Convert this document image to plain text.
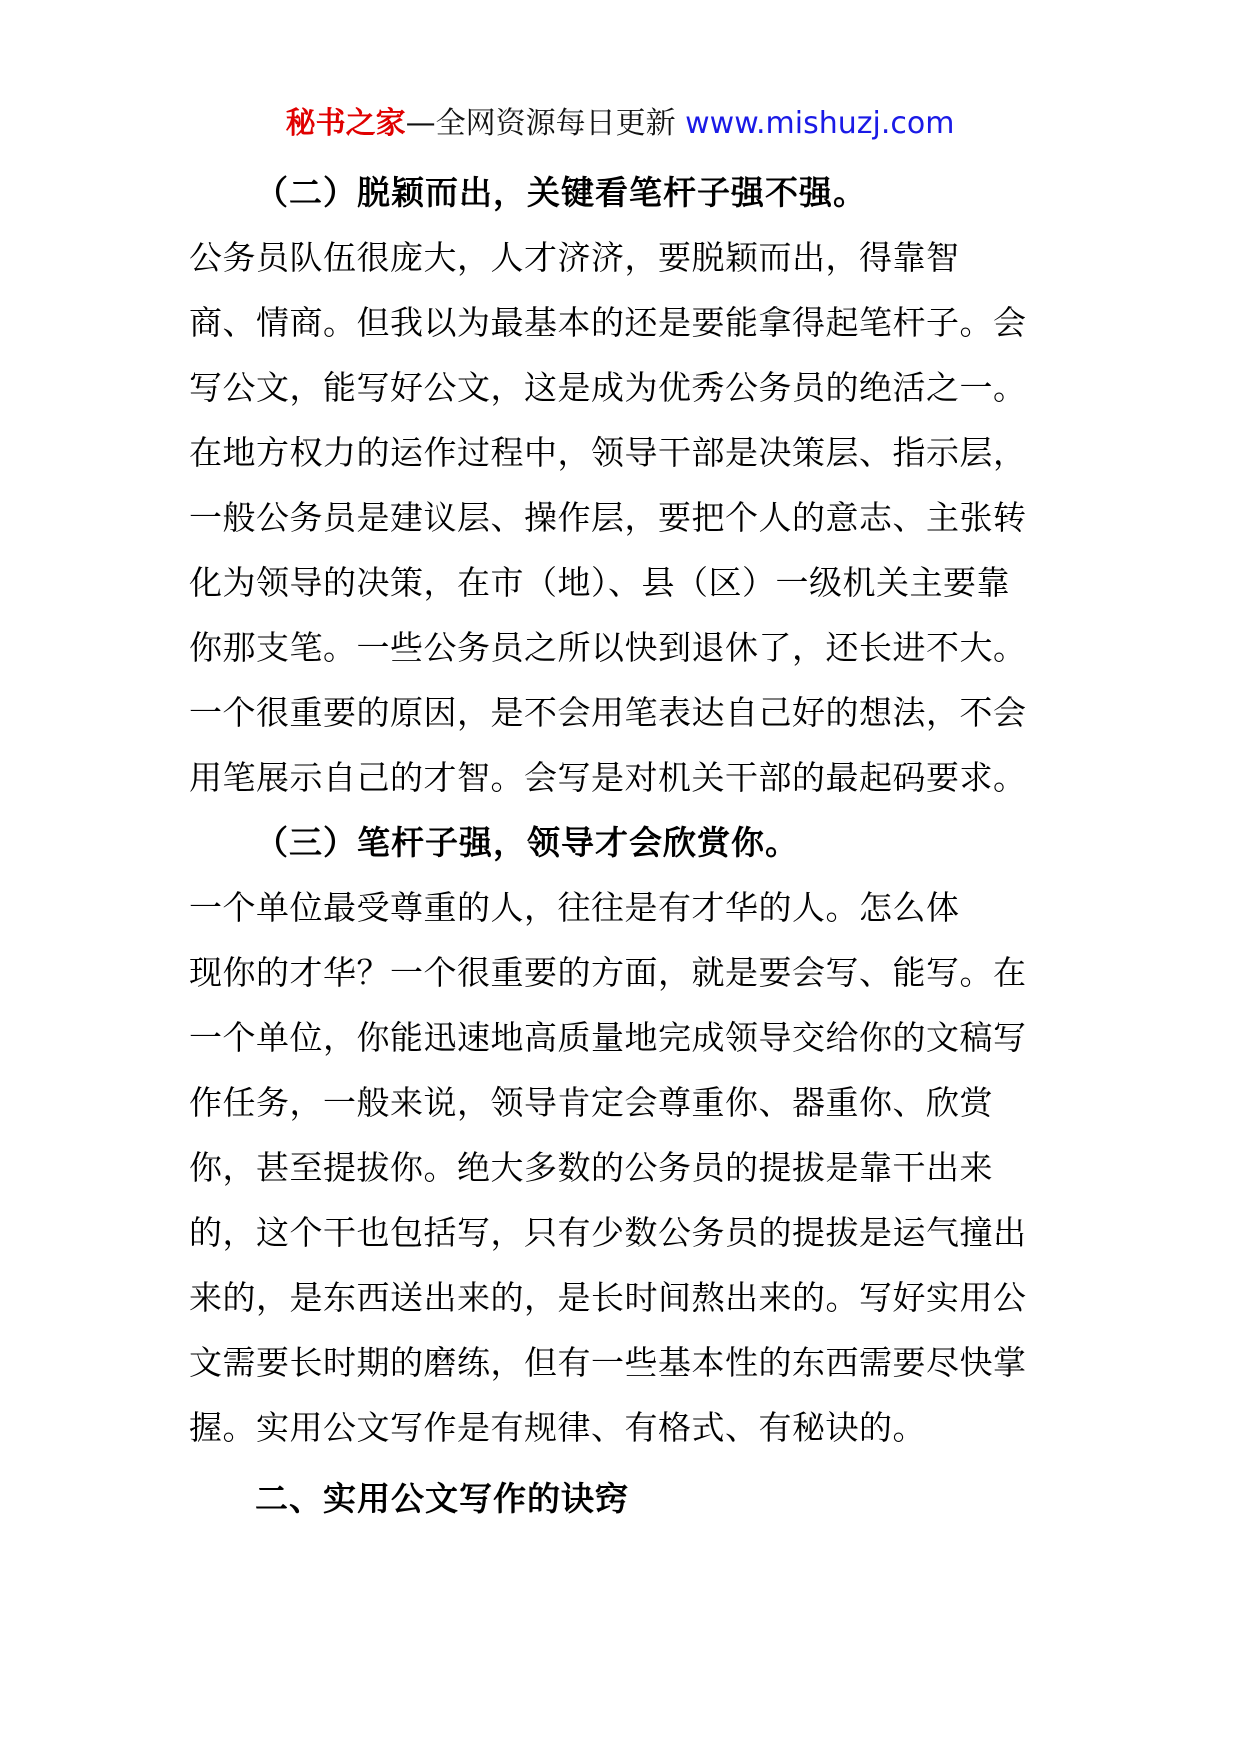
秘书之家—全网资源每日更新 www.mishuzj.com

（二）脱颖而出，关键看笔杆子强不强。

公务员队伍很庞大，人才济济，要脱颖而出，得靠智

商、情商。但我以为最基本的还是要能拿得起笔杆子。会

写公文，能写好公文，这是成为优秀公务员的绝活之一。

在地方权力的运作过程中，领导干部是决策层、指示层，

一般公务员是建议层、操作层，要把个人的意志、主张转

化为领导的决策，在市（地）、县（区）一级机关主要靠

你那支笔。一些公务员之所以快到退休了，还长进不大。

一个很重要的原因，是不会用笔表达自己好的想法，不会

用笔展示自己的才智。会写是对机关干部的最起码要求。

（三）笔杆子强，领导才会欣赏你。

一个单位最受尊重的人，往往是有才华的人。怎么体

现你的才华？一个很重要的方面，就是要会写、能写。在

一个单位，你能迅速地高质量地完成领导交给你的文稿写

作任务，一般来说，领导肯定会尊重你、器重你、欣赏

你，甚至提拔你。绝大多数的公务员的提拔是靠干出来

的，这个干也包括写，只有少数公务员的提拔是运气撞出

来的，是东西送出来的，是长时间熬出来的。写好实用公

文需要长时期的磨练，但有一些基本性的东西需要尽快掌

握。实用公文写作是有规律、有格式、有秘诀的。

二、实用公文写作的诀窍
